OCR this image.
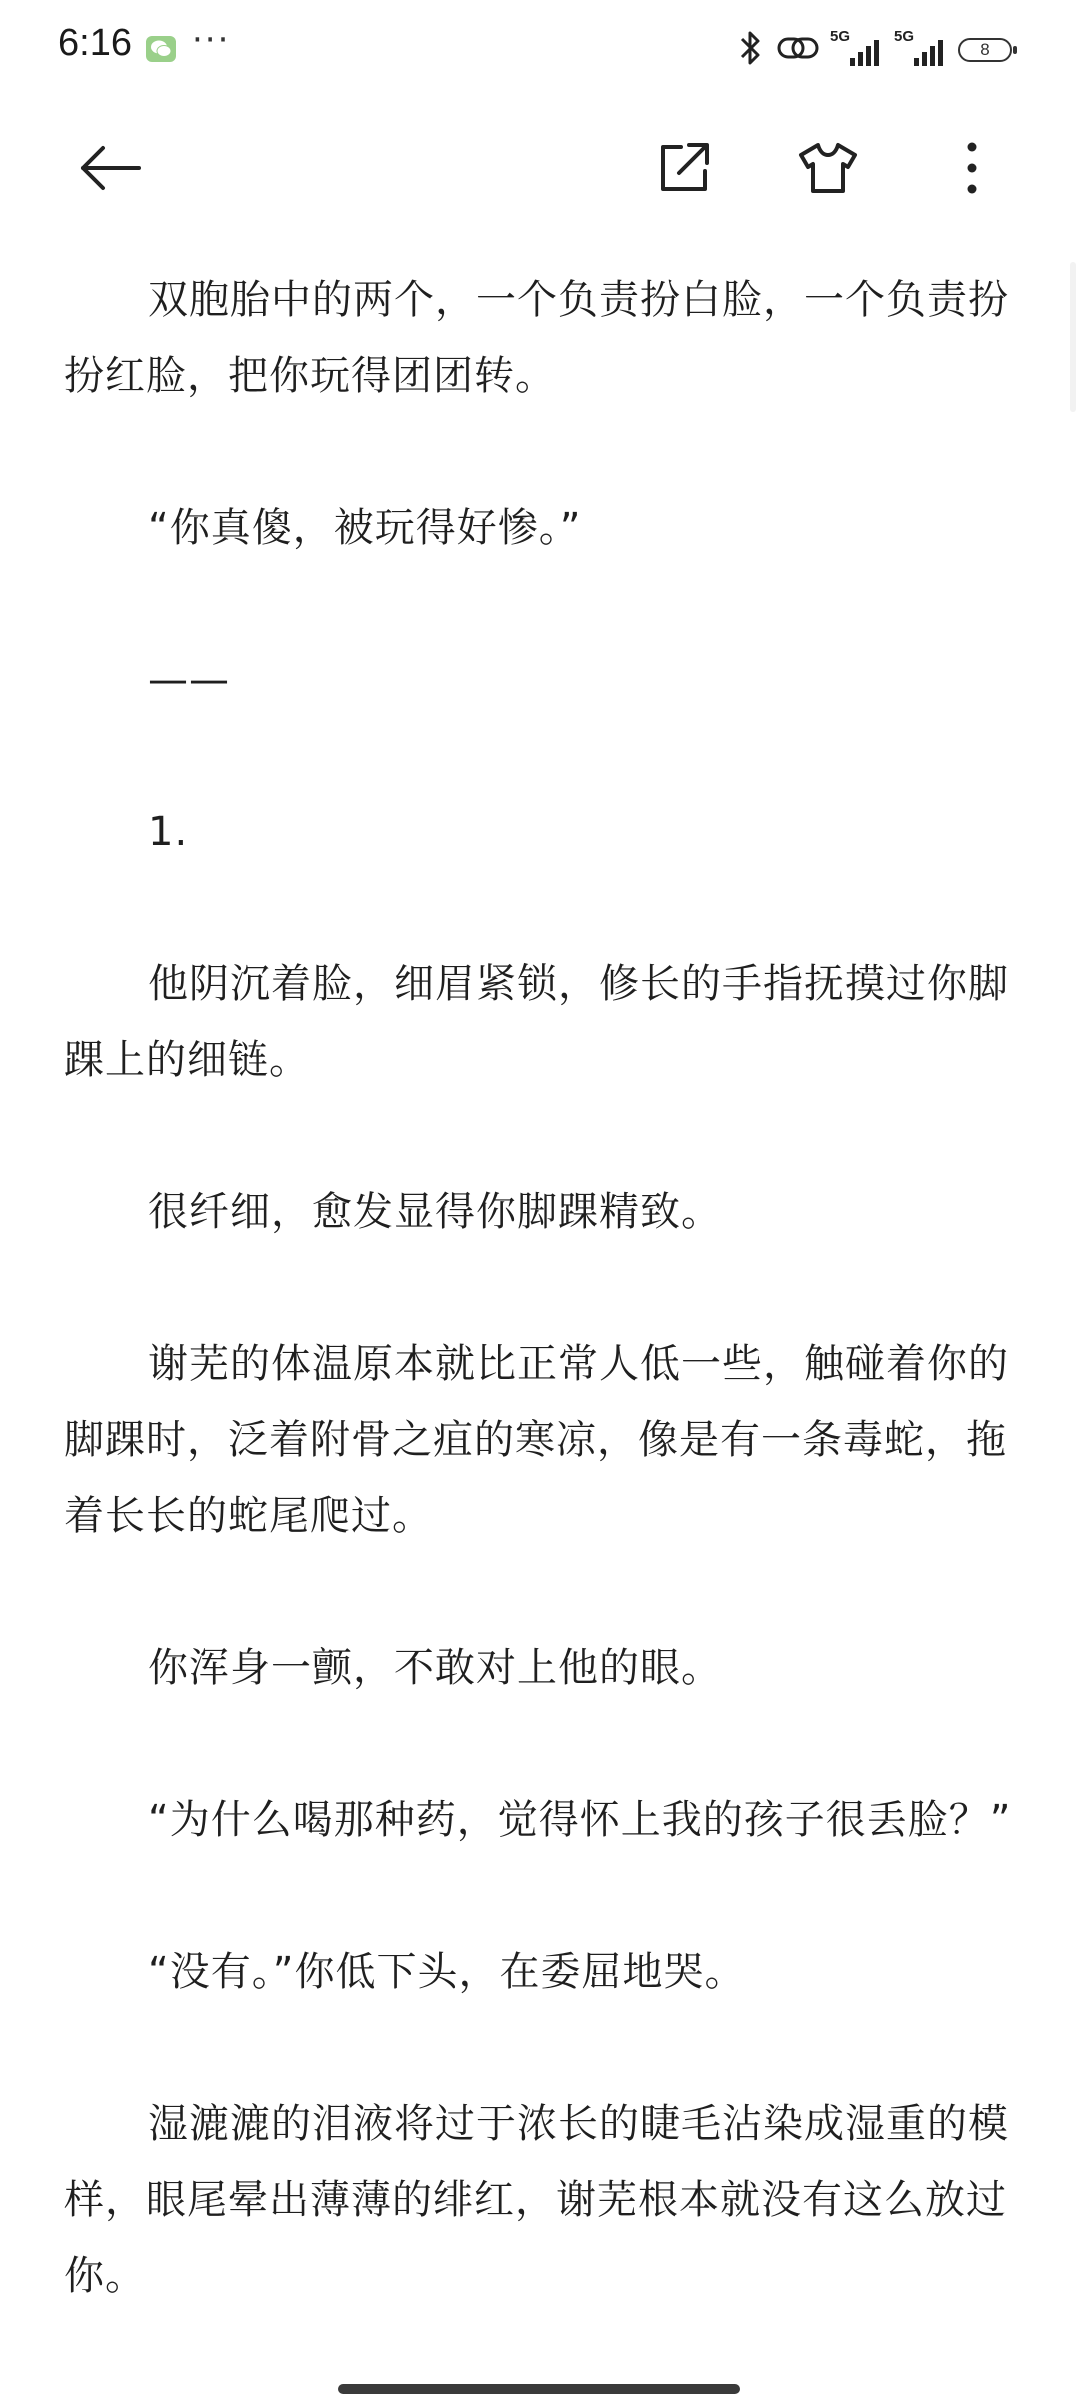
6:16 ···	5G	5G
8

双胞胎中的两个，一个负责扮白脸，一个负责扮扮红脸，把你玩得团团转。

“你真傻，被玩得好惨。”

——

1.

他阴沉着脸，细眉紧锁，修长的手指抚摸过你脚踝上的细链。

很纤细，愈发显得你脚踝精致。

谢芜的体温原本就比正常人低一些，触碰着你的脚踝时，泛着附骨之疽的寒凉，像是有一条毒蛇，拖着长长的蛇尾爬过。

你浑身一颤，不敢对上他的眼。

“为什么喝那种药，觉得怀上我的孩子很丢脸？”

“没有。”你低下头，在委屈地哭。

湿漉漉的泪液将过于浓长的睫毛沾染成湿重的模样，眼尾晕出薄薄的绯红，谢芜根本就没有这么放过你。
